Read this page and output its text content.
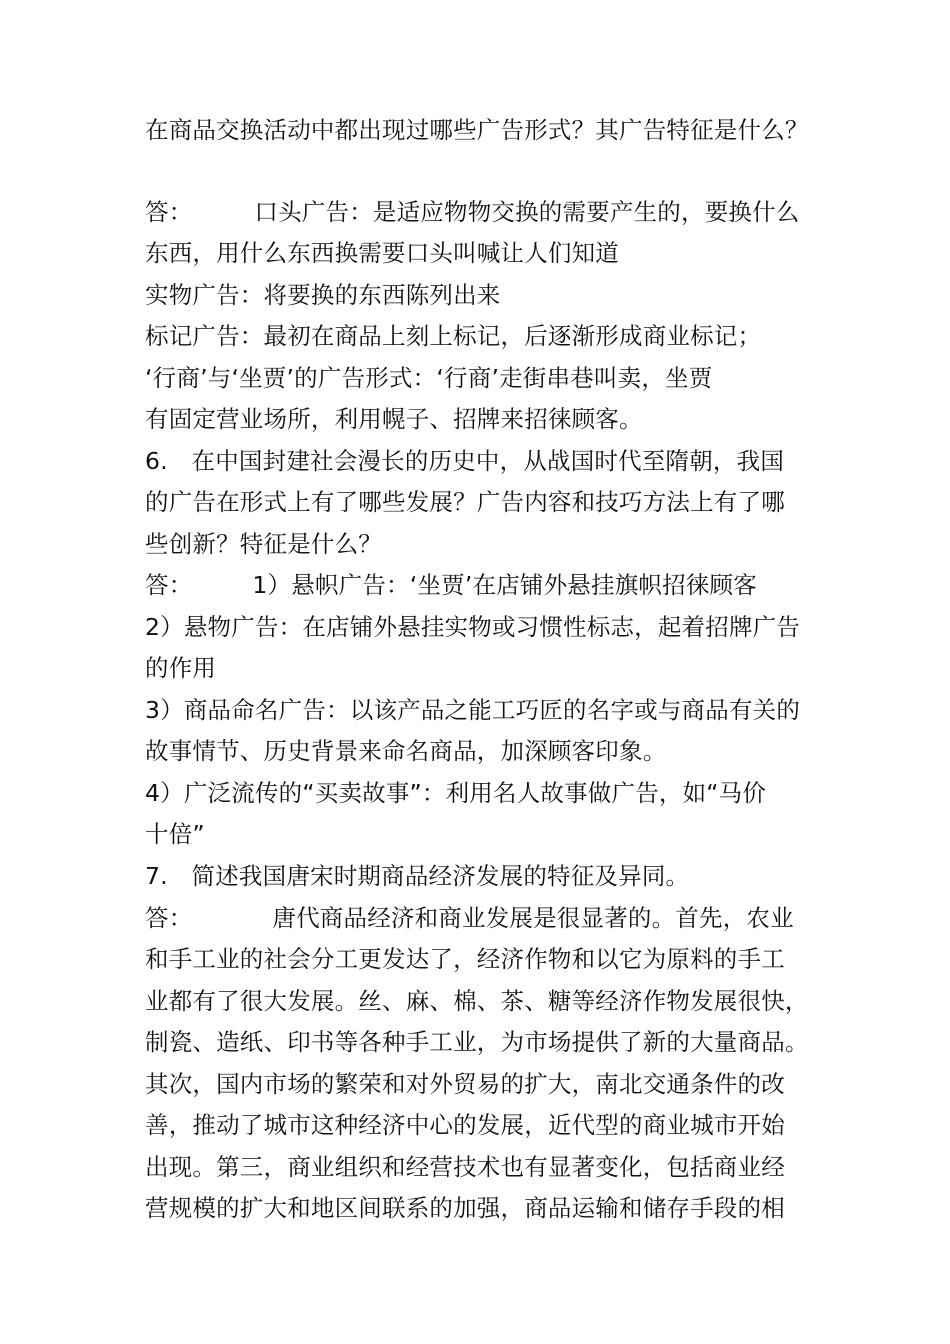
在商品交换活动中都出现过哪些广告形式？其广告特征是什么？
答：	口头广告：是适应物物交换的需要产生的，要换什么
东西，用什么东西换需要口头叫喊让人们知道
实物广告：将要换的东西陈列出来
标记广告：最初在商品上刻上标记，后逐渐形成商业标记；
‘行商’与‘坐贾’的广告形式：‘行商’走街串巷叫卖，坐贾
有固定营业场所，利用幌子、招牌来招徕顾客。
6.　在中国封建社会漫长的历史中，从战国时代至隋朝，我国
的广告在形式上有了哪些发展？广告内容和技巧方法上有了哪
些创新？特征是什么？
答：	1）悬帜广告：‘坐贾’在店铺外悬挂旗帜招徕顾客
2）悬物广告：在店铺外悬挂实物或习惯性标志，起着招牌广告
的作用
3）商品命名广告：以该产品之能工巧匠的名字或与商品有关的
故事情节、历史背景来命名商品，加深顾客印象。
4）广泛流传的“买卖故事”：利用名人故事做广告，如“马价
十倍”
7.　简述我国唐宋时期商品经济发展的特征及异同。
答：	唐代商品经济和商业发展是很显著的。首先，农业
和手工业的社会分工更发达了，经济作物和以它为原料的手工
业都有了很大发展。丝、麻、棉、茶、糖等经济作物发展很快，
制瓷、造纸、印书等各种手工业，为市场提供了新的大量商品。
其次，国内市场的繁荣和对外贸易的扩大，南北交通条件的改
善，推动了城市这种经济中心的发展，近代型的商业城市开始
出现。第三，商业组织和经营技术也有显著变化，包括商业经
营规模的扩大和地区间联系的加强，商品运输和储存手段的相
